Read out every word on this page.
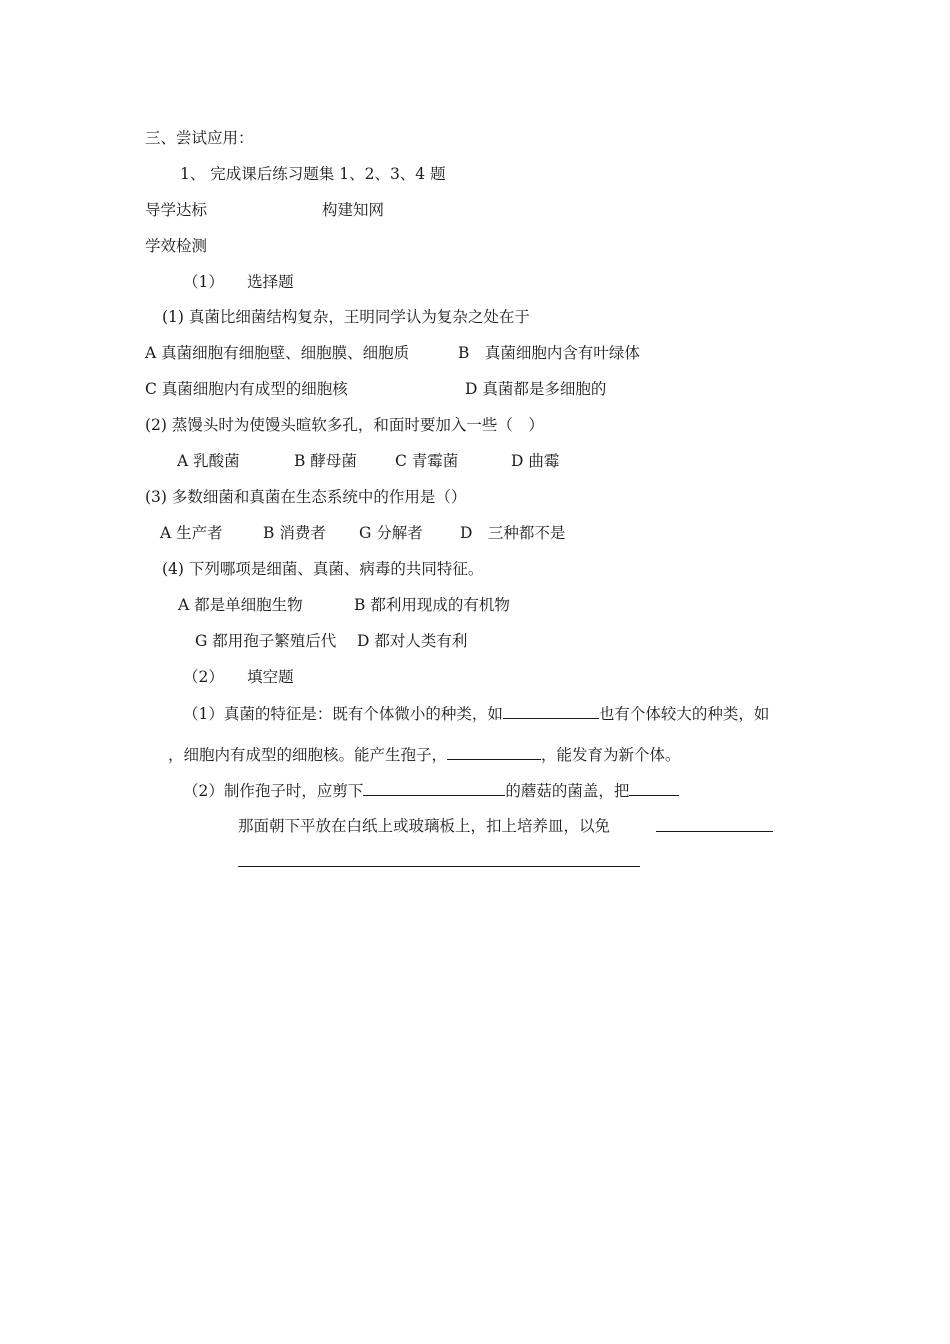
三、尝试应用：
1、 完成课后练习题集 1、2、3、4 题
导学达标	构建知网
学效检测
（1）　　选择题
(1) 真菌比细菌结构复杂，王明同学认为复杂之处在于
A 真菌细胞有细胞壁、细胞膜、细胞质	B　真菌细胞内含有叶绿体
C 真菌细胞内有成型的细胞核	D 真菌都是多细胞的
(2) 蒸馒头时为使馒头暄软多孔，和面时要加入一些（　）
A 乳酸菌	B 酵母菌 C 青霉菌	D 曲霉
(3) 多数细菌和真菌在生态系统中的作用是（）
A 生产者	B 消费者 G 分解者 D　三种都不是
(4) 下列哪项是细菌、真菌、病毒的共同特征。
A 都是单细胞生物	B 都利用现成的有机物
G 都用孢子繁殖后代 D 都对人类有利
（2）　　填空题
（1）真菌的特征是：既有个体微小的种类，如	也有个体较大的种类，如
，细胞内有成型的细胞核。能产生孢子，	，能发育为新个体。
（2）制作孢子时，应剪下	的蘑菇的菌盖，把
那面朝下平放在白纸上或玻璃板上，扣上培养皿，以免
